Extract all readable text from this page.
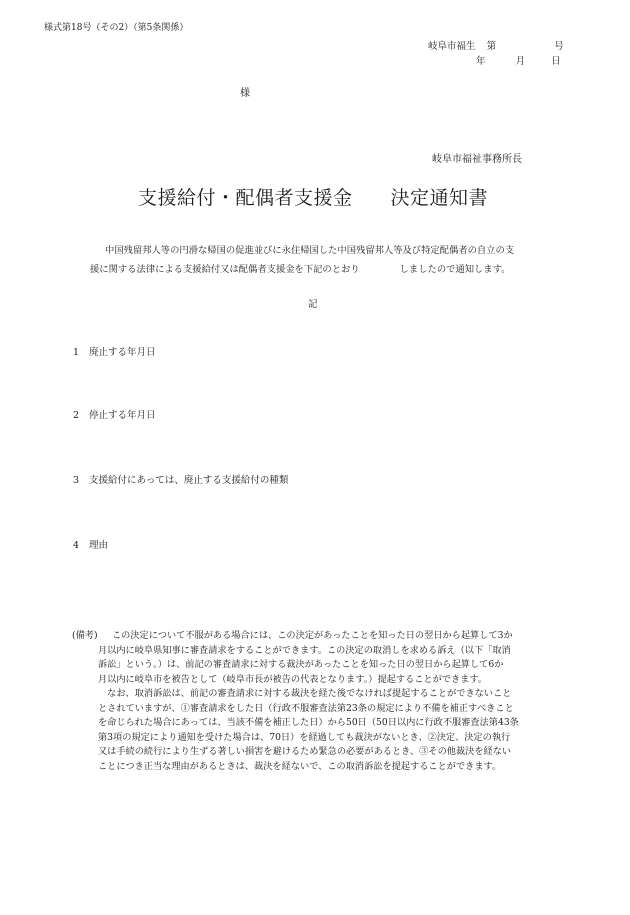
様式第18号（その2）（第5条関係）
岐阜市福生 第	号
年	月	日
様
岐阜市福祉事務所長
支援給付・配偶者支援金 決定通知書
中国残留邦人等の円滑な帰国の促進並びに永住帰国した中国残留邦人等及び特定配偶者の自立の支
援に関する法律による支援給付又は配偶者支援金を下記のとおり	しましたので通知します。
記
1 廃止する年月日
2 停止する年月日
3 支援給付にあっては、廃止する支援給付の種類
4 理由
(備考) この決定について不服がある場合には、この決定があったことを知った日の翌日から起算して3か
月以内に岐阜県知事に審査請求をすることができます。この決定の取消しを求める訴え（以下「取消
訴訟」という。）は、前記の審査請求に対する裁決があったことを知った日の翌日から起算して6か
月以内に岐阜市を被告として（岐阜市長が被告の代表となります。）提起することができます。
　なお、取消訴訟は、前記の審査請求に対する裁決を経た後でなければ提起することができないこと
とされていますが、①審査請求をした日（行政不服審査法第23条の規定により不備を補正すべきこと
を命じられた場合にあっては、当該不備を補正した日）から50日（50日以内に行政不服審査法第43条
第3項の規定により通知を受けた場合は、70日）を経過しても裁決がないとき、②決定、決定の執行
又は手続の続行により生ずる著しい損害を避けるため緊急の必要があるとき、③その他裁決を経ない
ことにつき正当な理由があるときは、裁決を経ないで、この取消訴訟を提起することができます。
